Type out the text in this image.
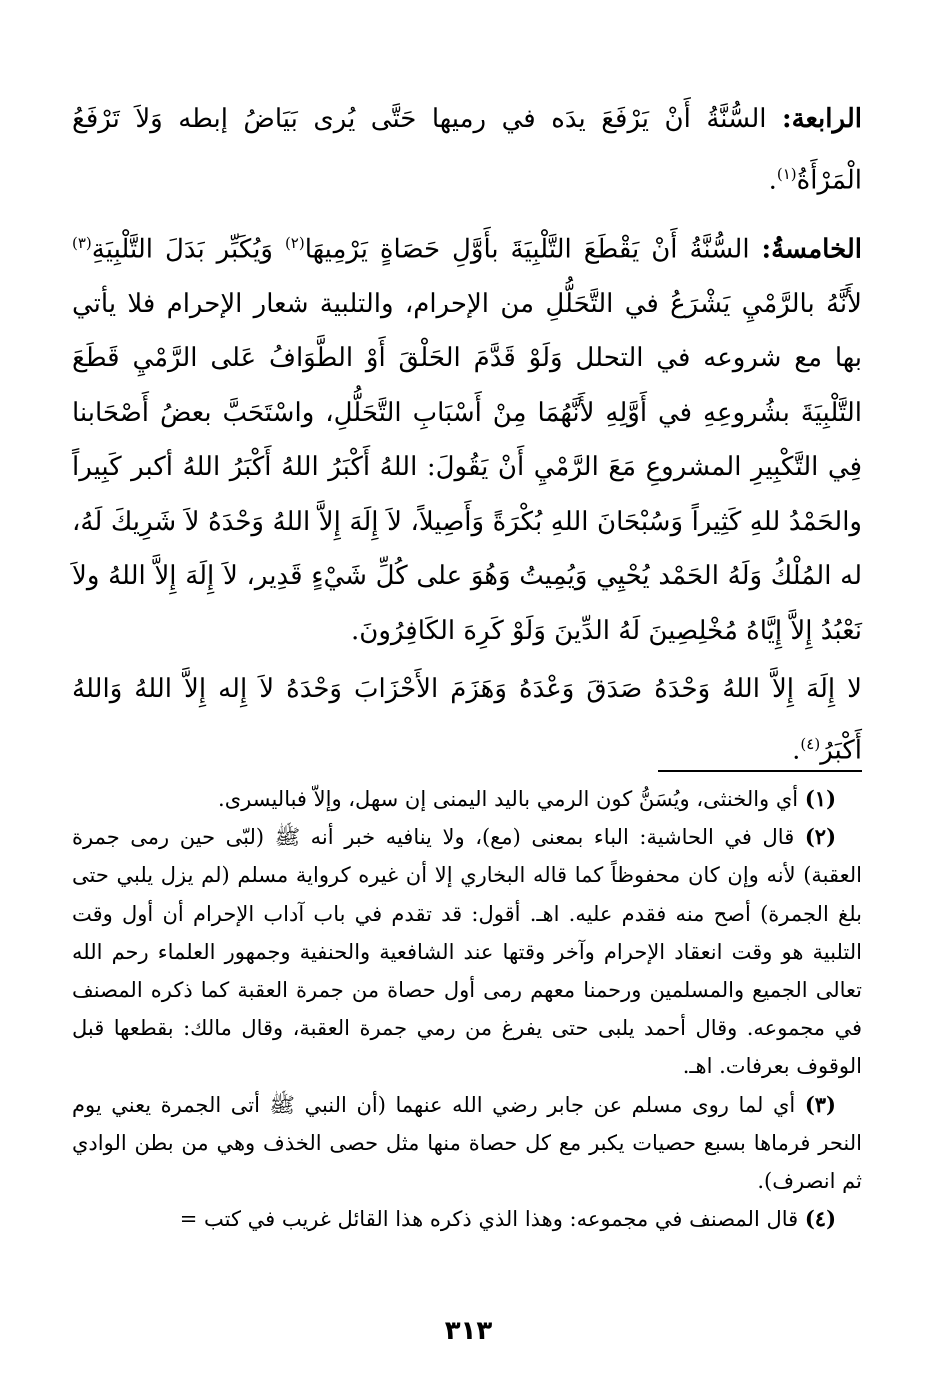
الرابعة: السُّنَّةُ أَنْ يَرْفَعَ يدَه في رميها حَتَّى يُرى بَيَاضُ إبطه وَلاَ تَرْفَعُ الْمَرْأَةُ$^{(١)}$.

الخامسةُ: السُّنَّةُ أَنْ يَقْطَعَ التَّلْبِيَةَ بأَوَّلِ حَصَاةٍ يَرْمِيهَا$^{(٢)}$ وَيُكَبِّر بَدَلَ التَّلْبِيَةِ$^{(٣)}$ لأَنَّهُ بالرَّمْيِ يَشْرَعُ في التَّحَلُّلِ من الإحرام، والتلبية شعار الإحرام فلا يأتي بها مع شروعه في التحلل وَلَوْ قَدَّمَ الحَلْقَ أَوْ الطَّوَافُ عَلى الرَّمْيِ قَطَعَ التَّلْبِيَةَ بشُروعِهِ في أَوَّلِهِ لأَنَّهُمَا مِنْ أَسْبَابِ التَّحَلُّلِ، واسْتَحَبَّ بعضُ أَصْحَابنا فِي التَّكْبِيرِ المشروعِ مَعَ الرَّمْيِ أَنْ يَقُولَ: اللهُ أَكْبَرُ اللهُ أَكْبَرُ اللهُ أكبر كَبِيراً والحَمْدُ للهِ كَثِيراً وَسُبْحَانَ اللهِ بُكْرَةً وَأَصِيلاً، لاَ إِلَهَ إِلاَّ اللهُ وَحْدَهُ لاَ شَرِيكَ لَهُ، له المُلْكُ وَلَهُ الحَمْد يُحْيِي وَيُمِيتُ وَهُوَ على كُلِّ شَيْءٍ قَدِير، لاَ إِلَهَ إِلاَّ اللهُ ولاَ نَعْبُدُ إِلاَّ إِيَّاهُ مُخْلِصِينَ لَهُ الدِّينَ وَلَوْ كَرِهَ الكَافِرُونَ.

لا إِلَهَ إِلاَّ اللهُ وَحْدَهُ صَدَقَ وَعْدَهُ وَهَزَمَ الأَحْزَابَ وَحْدَهُ لاَ إِله إِلاَّ اللهُ وَاللهُ أَكْبَرُ$^{(٤)}$.

(١) أي والخنثى، ويُسَنُّ كون الرمي باليد اليمنى إن سهل، وإلاّ فباليسرى.

(٢) قال في الحاشية: الباء بمعنى (مع)، ولا ينافيه خبر أنه ﷺ (لبّى حين رمى جمرة العقبة) لأنه وإن كان محفوظاً كما قاله البخاري إلا أن غيره كرواية مسلم (لم يزل يلبي حتى بلغ الجمرة) أصح منه فقدم عليه. اهـ. أقول: قد تقدم في باب آداب الإحرام أن أول وقت التلبية هو وقت انعقاد الإحرام وآخر وقتها عند الشافعية والحنفية وجمهور العلماء رحم الله تعالى الجميع والمسلمين ورحمنا معهم رمى أول حصاة من جمرة العقبة كما ذكره المصنف في مجموعه. وقال أحمد يلبى حتى يفرغ من رمي جمرة العقبة، وقال مالك: بقطعها قبل الوقوف بعرفات. اهـ.

(٣) أي لما روى مسلم عن جابر رضي الله عنهما (أن النبي ﷺ أتى الجمرة يعني يوم النحر فرماها بسبع حصيات يكبر مع كل حصاة منها مثل حصى الخذف وهي من بطن الوادي ثم انصرف).

(٤) قال المصنف في مجموعه: وهذا الذي ذكره هذا القائل غريب في كتب =

٣١٣
